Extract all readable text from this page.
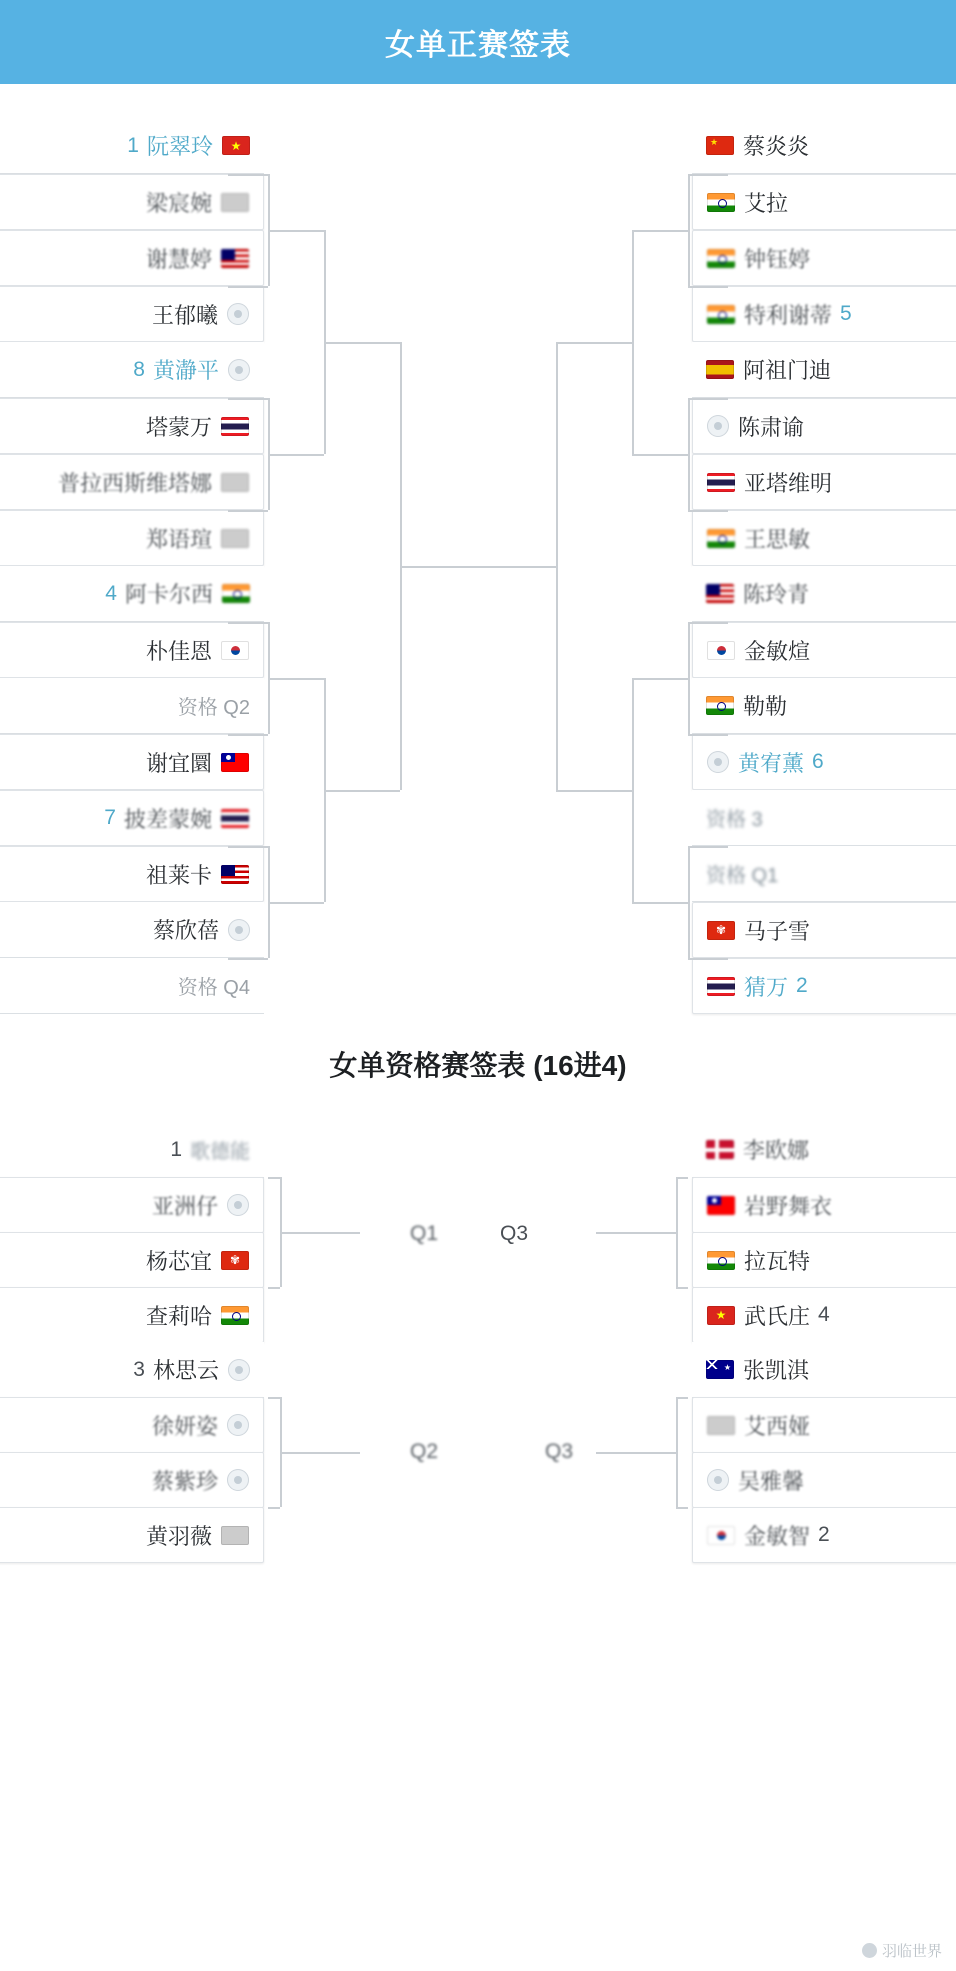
女单正赛签表
1 阮翠玲
★
梁宸婉
谢慧婷
王郁曦
8 黄瀞平
塔蒙万
普拉西斯维塔娜
郑语瑄
4 阿卡尔西
朴佳恩
资格 Q2
谢宜圜
7 披差蒙婉
祖莱卡
蔡欣蓓
资格 Q4
★
蔡炎炎
艾拉
钟钰婷
特利谢蒂 5
阿祖门迪
陈肃谕
亚塔维明
王思敏
陈玲青
金敏煊
勒勒
黄宥薰 6
资格 3
资格 Q1
✾
马子雪
猜万 2
女单资格赛签表 (16进4)
1 歌德能
亚洲仔
杨芯宜
✾
查莉哈
3 林思云
徐妍姿
蔡紫珍
黄羽薇
李欧娜
岩野舞衣
拉瓦特
★
武氏庄 4
★
张凯淇
艾西娅
吴雅馨
金敏智 2
Q1	Q3
Q2	Q3
羽临世界
